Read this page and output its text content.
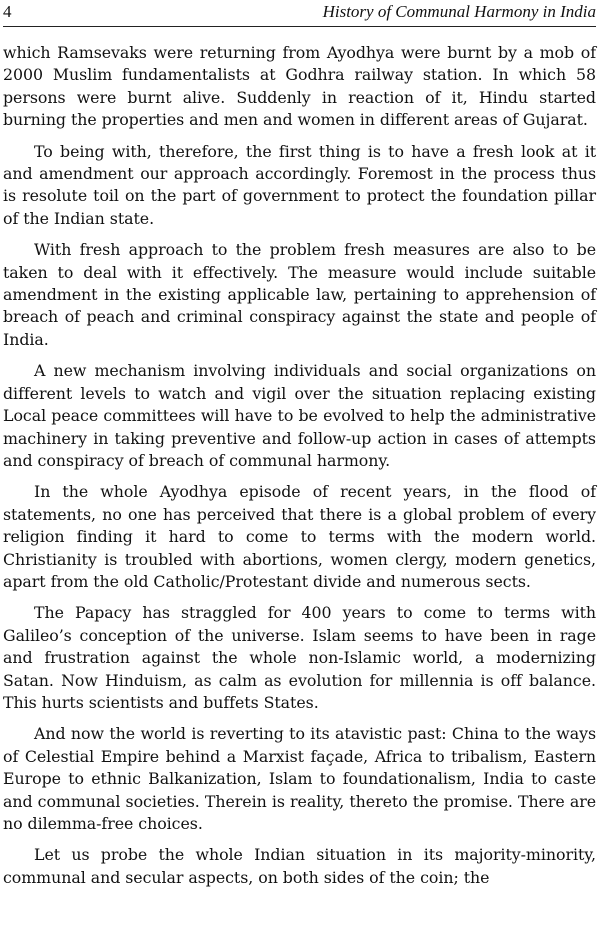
4	History of Communal Harmony in India

which Ramsevaks were returning from Ayodhya were burnt by a mob of 2000 Muslim fundamentalists at Godhra railway station. In which 58 persons were burnt alive. Suddenly in reaction of it, Hindu started burning the properties and men and women in different areas of Gujarat.

To being with, therefore, the first thing is to have a fresh look at it and amendment our approach accordingly. Foremost in the process thus is resolute toil on the part of government to protect the foundation pillar of the Indian state.

With fresh approach to the problem fresh measures are also to be taken to deal with it effectively. The measure would include suitable amendment in the existing applicable law, pertaining to apprehension of breach of peach and criminal conspiracy against the state and people of India.

A new mechanism involving individuals and social organizations on different levels to watch and vigil over the situation replacing existing Local peace committees will have to be evolved to help the administrative machinery in taking preventive and follow-up action in cases of attempts and conspiracy of breach of communal harmony.

In the whole Ayodhya episode of recent years, in the flood of statements, no one has perceived that there is a global problem of every religion finding it hard to come to terms with the modern world. Christianity is troubled with abortions, women clergy, modern genetics, apart from the old Catholic/Protestant divide and numerous sects.

The Papacy has straggled for 400 years to come to terms with Galileo’s conception of the universe. Islam seems to have been in rage and frustration against the whole non-Islamic world, a modernizing Satan. Now Hinduism, as calm as evolution for millennia is off balance. This hurts scientists and buffets States.

And now the world is reverting to its atavistic past: China to the ways of Celestial Empire behind a Marxist façade, Africa to tribalism, Eastern Europe to ethnic Balkanization, Islam to foundationalism, India to caste and communal societies. Therein is reality, thereto the promise. There are no dilemma-free choices.

Let us probe the whole Indian situation in its majority-minority, communal and secular aspects, on both sides of the coin; the
